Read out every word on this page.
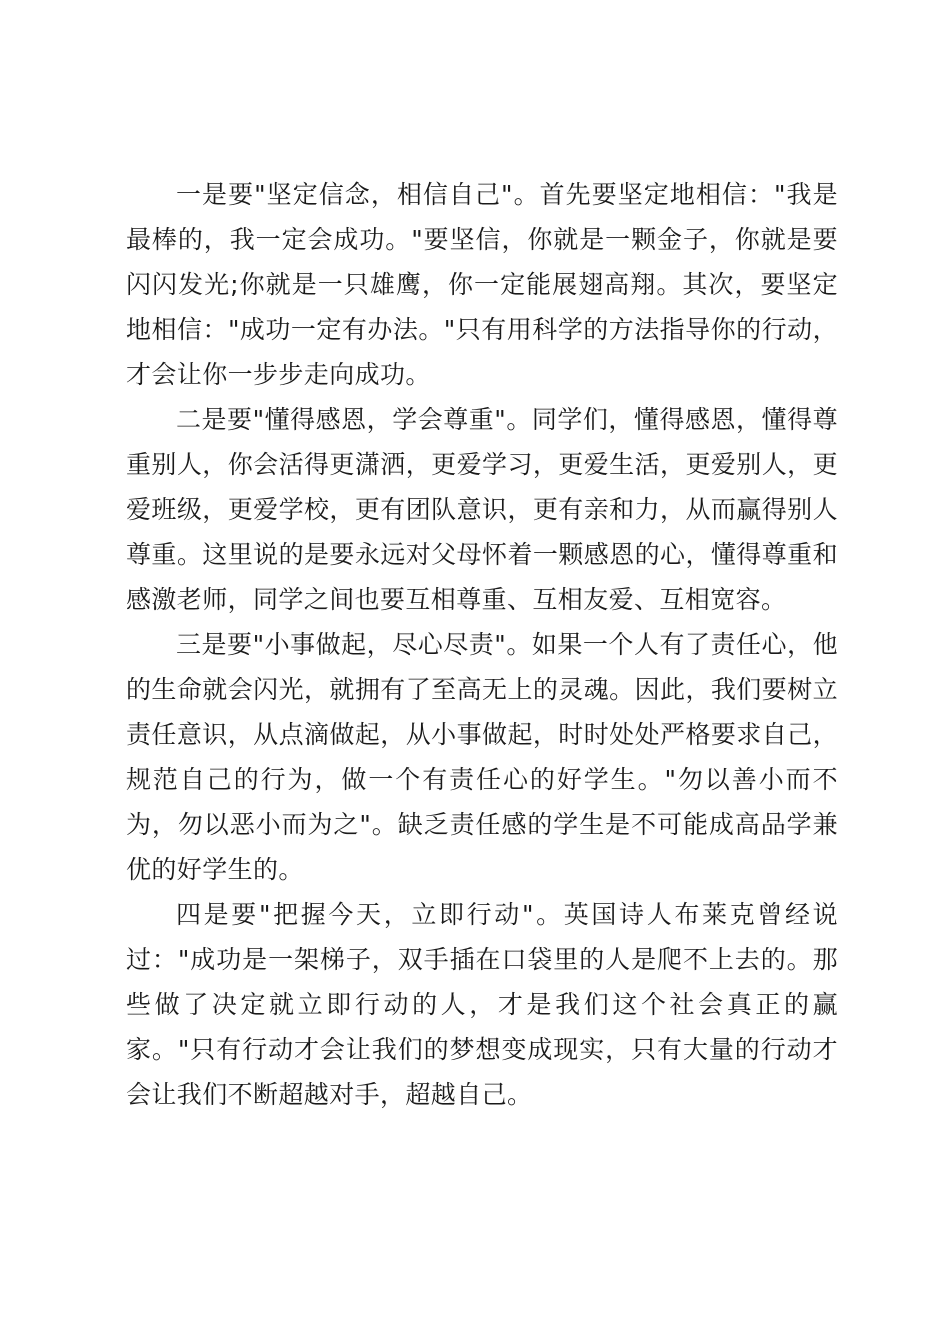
一是要"坚定信念，相信自己"。首先要坚定地相信："我是最棒的，我一定会成功。"要坚信，你就是一颗金子，你就是要闪闪发光;你就是一只雄鹰，你一定能展翅高翔。其次，要坚定地相信："成功一定有办法。"只有用科学的方法指导你的行动，才会让你一步步走向成功。

二是要"懂得感恩，学会尊重"。同学们，懂得感恩，懂得尊重别人，你会活得更潇洒，更爱学习，更爱生活，更爱别人，更爱班级，更爱学校，更有团队意识，更有亲和力，从而赢得别人尊重。这里说的是要永远对父母怀着一颗感恩的心，懂得尊重和感激老师，同学之间也要互相尊重、互相友爱、互相宽容。

三是要"小事做起，尽心尽责"。如果一个人有了责任心，他的生命就会闪光，就拥有了至高无上的灵魂。因此，我们要树立责任意识，从点滴做起，从小事做起，时时处处严格要求自己，规范自己的行为，做一个有责任心的好学生。"勿以善小而不为，勿以恶小而为之"。缺乏责任感的学生是不可能成高品学兼优的好学生的。

四是要"把握今天，立即行动"。英国诗人布莱克曾经说过："成功是一架梯子，双手插在口袋里的人是爬不上去的。那些做了决定就立即行动的人，才是我们这个社会真正的赢家。"只有行动才会让我们的梦想变成现实，只有大量的行动才会让我们不断超越对手，超越自己。
